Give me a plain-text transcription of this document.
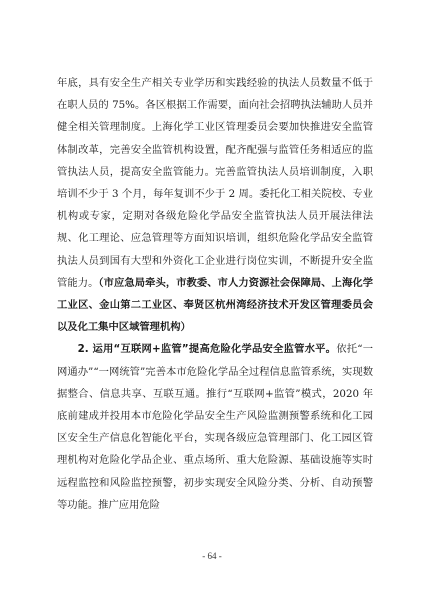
年底，具有安全生产相关专业学历和实践经验的执法人员数量不低于在职人员的 75%。各区根据工作需要，面向社会招聘执法辅助人员并健全相关管理制度。上海化学工业区管理委员会要加快推进安全监管体制改革，完善安全监管机构设置，配齐配强与监管任务相适应的监管执法人员，提高安全监管能力。完善监管执法人员培训制度，入职培训不少于 3 个月，每年复训不少于 2 周。委托化工相关院校、专业机构或专家，定期对各级危险化学品安全监管执法人员开展法律法规、化工理论、应急管理等方面知识培训，组织危险化学品安全监管执法人员到国有大型和外资化工企业进行岗位实训，不断提升安全监管能力。（市应急局牵头，市教委、市人力资源社会保障局、上海化学工业区、金山第二工业区、奉贤区杭州湾经济技术开发区管理委员会以及化工集中区域管理机构）

2. 运用“互联网+监管”提高危险化学品安全监管水平。依托“一网通办”“一网统管”完善本市危险化学品全过程信息监管系统，实现数据整合、信息共享、互联互通。推行“互联网+监管”模式，2020 年底前建成并投用本市危险化学品安全生产风险监测预警系统和化工园区安全生产信息化智能化平台，实现各级应急管理部门、化工园区管理机构对危险化学品企业、重点场所、重大危险源、基础设施等实时远程监控和风险监控预警，初步实现安全风险分类、分析、自动预警等功能。推广应用危险

- 64 -
